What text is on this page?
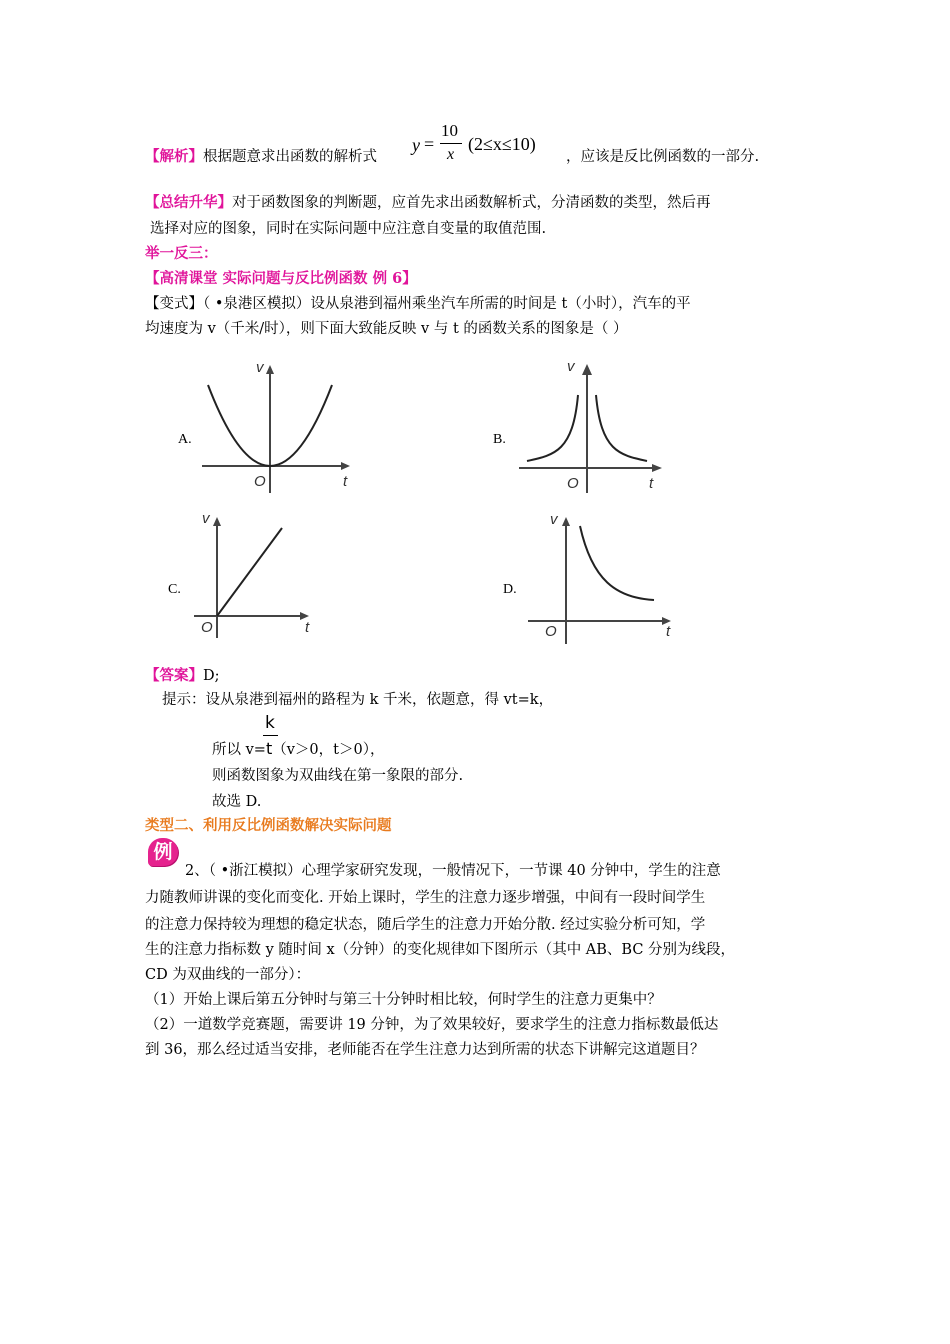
【解析】根据题意求出函数的解析式
y =
10
x
(2≤x≤10)
，应该是反比例函数的一部分.
【总结升华】对于函数图象的判断题，应首先求出函数解析式，分清函数的类型，然后再
选择对应的图象，同时在实际问题中应注意自变量的取值范围.
举一反三：
【高清课堂 实际问题与反比例函数 例 6】
【变式】（ •泉港区模拟）设从泉港到福州乘坐汽车所需的时间是 t（小时），汽车的平
均速度为 v（千米/时），则下面大致能反映 v 与 t 的函数关系的图象是（ ）
A.
v
t
O
B.
v
t
O
C.
v
t
O
D.
v
t
O
【答案】D;
提示：设从泉港到福州的路程为 k 千米，依题意，得 vt=k，
k
所以 v=t（v＞0，t＞0），
则函数图象为双曲线在第一象限的部分.
故选 D.
类型二、利用反比例函数解决实际问题
例
2、（ •浙江模拟）心理学家研究发现，一般情况下，一节课 40 分钟中，学生的注意
力随教师讲课的变化而变化. 开始上课时，学生的注意力逐步增强，中间有一段时间学生
的注意力保持较为理想的稳定状态，随后学生的注意力开始分散. 经过实验分析可知，学
生的注意力指标数 y 随时间 x（分钟）的变化规律如下图所示（其中 AB、BC 分别为线段，
CD 为双曲线的一部分）：
（1）开始上课后第五分钟时与第三十分钟时相比较，何时学生的注意力更集中？
（2）一道数学竞赛题，需要讲 19 分钟，为了效果较好，要求学生的注意力指标数最低达
到 36，那么经过适当安排，老师能否在学生注意力达到所需的状态下讲解完这道题目？
